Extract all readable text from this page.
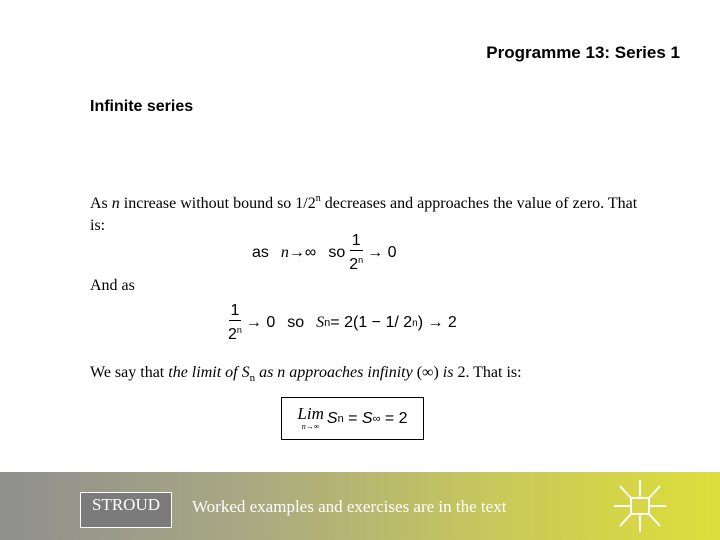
Programme 13: Series 1
Infinite series
As n increase without bound so 1/2$^n$ decreases and approaches the value of zero. That is:
as n →∞ so $\frac{1}{2^n} \to 0$
And as
$\frac{1}{2^n} \to 0$ so S n = 2(1 − 1/ 2 n ) → 2
We say that the limit of $S_n$ as n approaches infinity (∞) is 2. That is:
Lim
n→∞ S n = S ∞ = 2
STROUD	Worked examples and exercises are in the text
